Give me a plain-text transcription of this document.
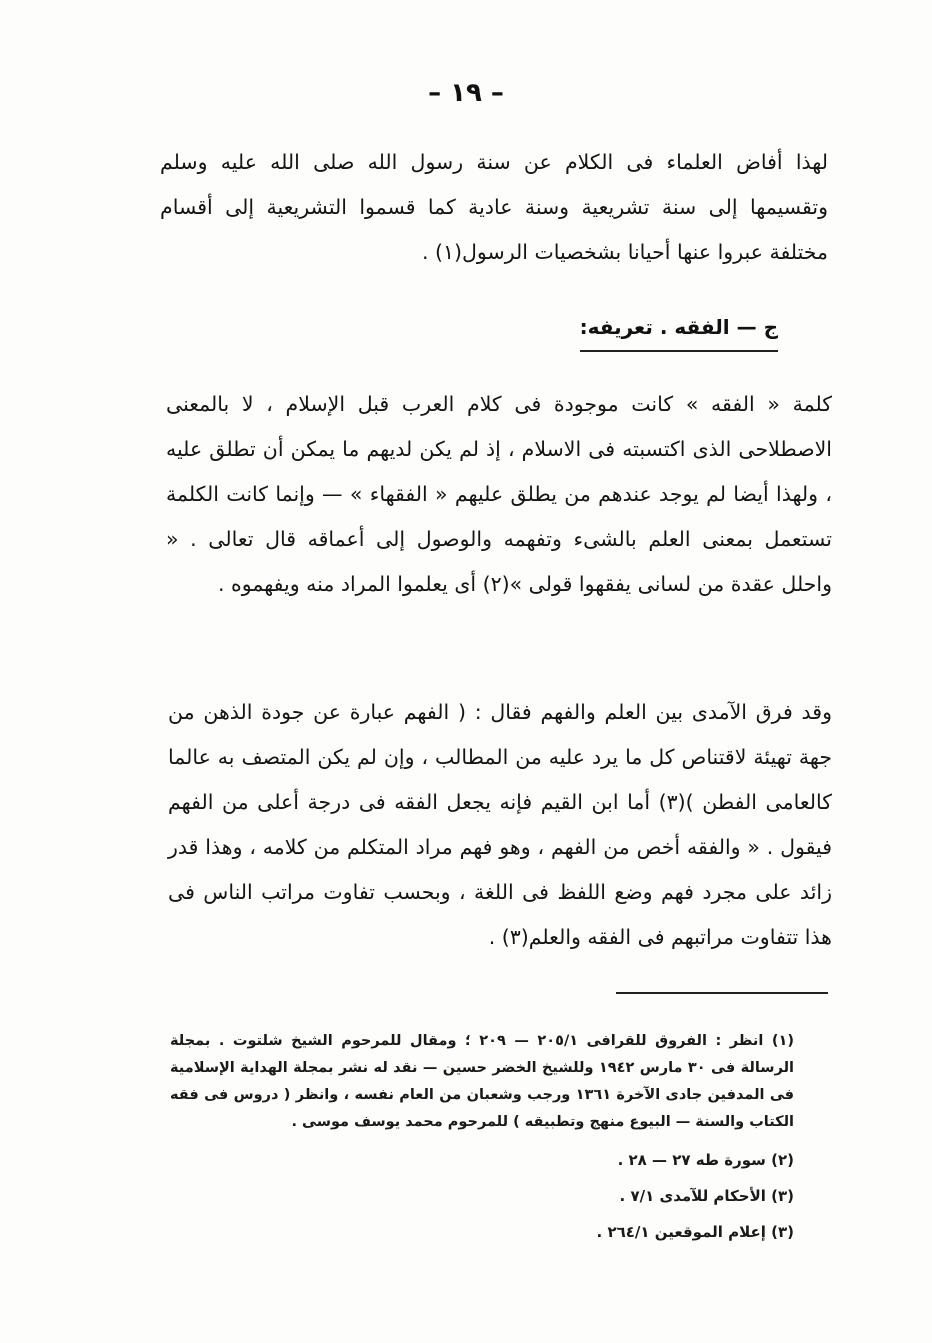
– ١٩ –
لهذا أفاض العلماء فى الكلام عن سنة رسول الله صلى الله عليه وسلم وتقسيمها إلى سنة تشريعية وسنة عادية كما قسموا التشريعية إلى أقسام مختلفة عبروا عنها أحيانا بشخصيات الرسول(١) .
ج — الفقه . تعريفه:
كلمة « الفقه » كانت موجودة فى كلام العرب قبل الإسلام ، لا بالمعنى الاصطلاحى الذى اكتسبته فى الاسلام ، إذ لم يكن لديهم ما يمكن أن تطلق عليه ، ولهذا أيضا لم يوجد عندهم من يطلق عليهم « الفقهاء » — وإنما كانت الكلمة تستعمل بمعنى العلم بالشىء وتفهمه والوصول إلى أعماقه قال تعالى . « واحلل عقدة من لسانى يفقهوا قولى »(٢) أى يعلموا المراد منه ويفهموه .
وقد فرق الآمدى بين العلم والفهم فقال : ( الفهم عبارة عن جودة الذهن من جهة تهيئة لاقتناص كل ما يرد عليه من المطالب ، وإن لم يكن المتصف به عالما كالعامى الفطن )(٣) أما ابن القيم فإنه يجعل الفقه فى درجة أعلى من الفهم فيقول . « والفقه أخص من الفهم ، وهو فهم مراد المتكلم من كلامه ، وهذا قدر زائد على مجرد فهم وضع اللفظ فى اللغة ، وبحسب تفاوت مراتب الناس فى هذا تتفاوت مراتبهم فى الفقه والعلم(٣) .

(١) انظر : الفروق للقرافى ٢٠٥/١ — ٢٠٩ ؛ ومقال للمرحوم الشيخ شلتوت . بمجلة الرسالة فى ٣٠ مارس ١٩٤٢ وللشيخ الخضر حسين — نقد له نشر بمجلة الهداية الإسلامية فى المدفين جادى الآخرة ١٣٦١ ورجب وشعبان من العام نفسه ، وانظر ( دروس فى فقه الكتاب والسنة — البيوع منهج وتطبيقه ) للمرحوم محمد يوسف موسى .

(٢) سورة طه ٢٧ — ٢٨ .

(٣) الأحكام للآمدى ٧/١ .

(٣) إعلام الموقعين ٢٦٤/١ .
